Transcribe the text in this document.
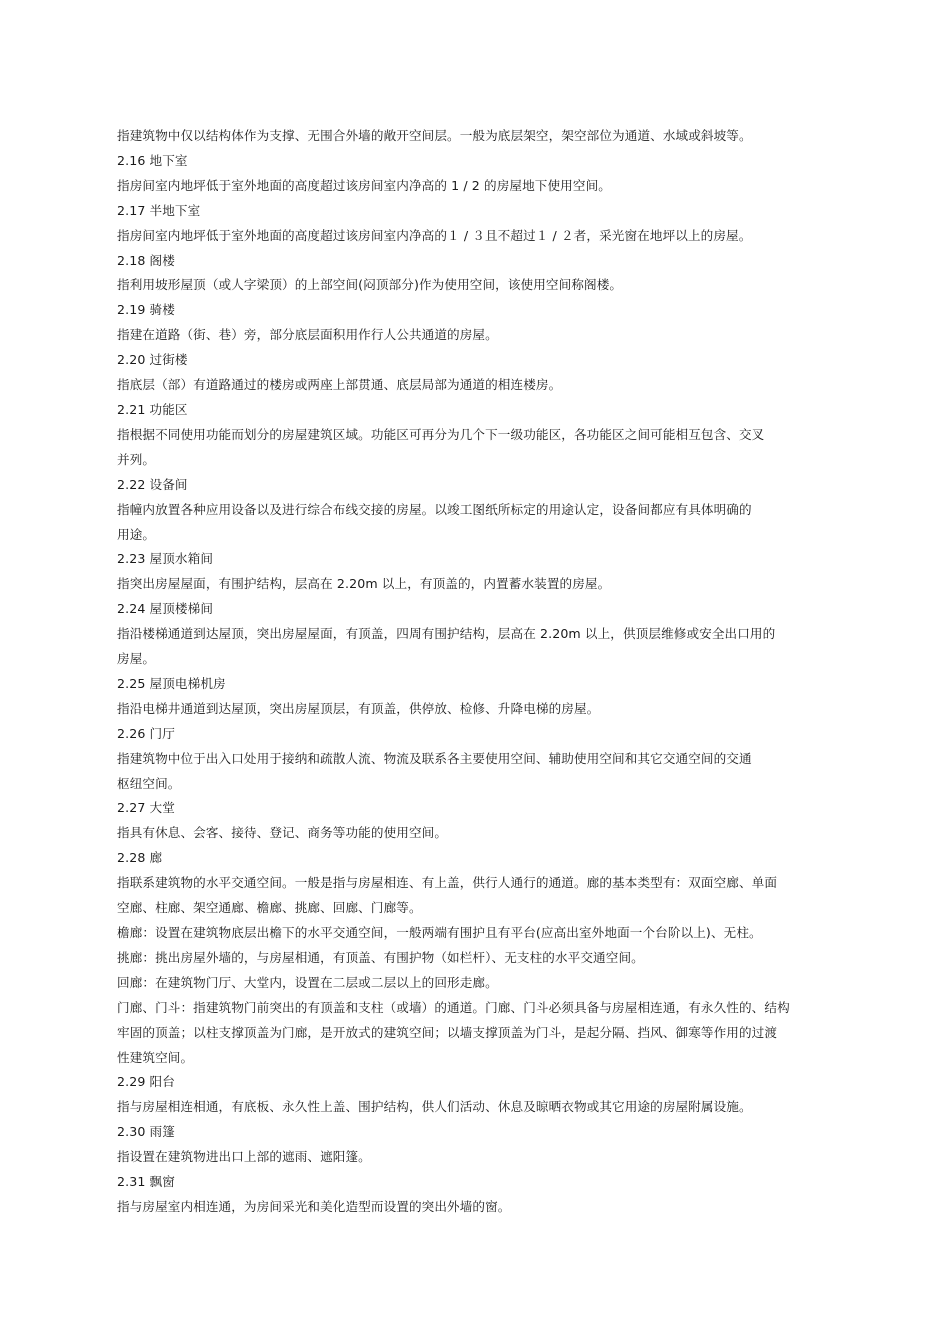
指建筑物中仅以结构体作为支撑、无围合外墙的敞开空间层。一般为底层架空，架空部位为通道、水域或斜坡等。
2.16 地下室
指房间室内地坪低于室外地面的高度超过该房间室内净高的 1 / 2 的房屋地下使用空间。
2.17 半地下室
指房间室内地坪低于室外地面的高度超过该房间室内净高的１ / ３且不超过１ / ２者，采光窗在地坪以上的房屋。
2.18 阁楼
指利用坡形屋顶（或人字梁顶）的上部空间(闷顶部分)作为使用空间，该使用空间称阁楼。
2.19 骑楼
指建在道路（街、巷）旁，部分底层面积用作行人公共通道的房屋。
2.20 过街楼
指底层（部）有道路通过的楼房或两座上部贯通、底层局部为通道的相连楼房。
2.21 功能区
指根据不同使用功能而划分的房屋建筑区域。功能区可再分为几个下一级功能区，各功能区之间可能相互包含、交叉
并列。
2.22 设备间
指幢内放置各种应用设备以及进行综合布线交接的房屋。以竣工图纸所标定的用途认定，设备间都应有具体明确的
用途。
2.23 屋顶水箱间
指突出房屋屋面，有围护结构，层高在 2.20m 以上，有顶盖的，内置蓄水装置的房屋。
2.24 屋顶楼梯间
指沿楼梯通道到达屋顶，突出房屋屋面，有顶盖，四周有围护结构，层高在 2.20m 以上，供顶层维修或安全出口用的
房屋。
2.25 屋顶电梯机房
指沿电梯井通道到达屋顶，突出房屋顶层，有顶盖，供停放、检修、升降电梯的房屋。
2.26 门厅
指建筑物中位于出入口处用于接纳和疏散人流、物流及联系各主要使用空间、辅助使用空间和其它交通空间的交通
枢纽空间。
2.27 大堂
指具有休息、会客、接待、登记、商务等功能的使用空间。
2.28 廊
指联系建筑物的水平交通空间。一般是指与房屋相连、有上盖，供行人通行的通道。廊的基本类型有：双面空廊、单面
空廊、柱廊、架空通廊、檐廊、挑廊、回廊、门廊等。
檐廊：设置在建筑物底层出檐下的水平交通空间，一般两端有围护且有平台(应高出室外地面一个台阶以上)、无柱。
挑廊：挑出房屋外墙的，与房屋相通，有顶盖、有围护物（如栏杆）、无支柱的水平交通空间。
回廊：在建筑物门厅、大堂内，设置在二层或二层以上的回形走廊。
门廊、门斗：指建筑物门前突出的有顶盖和支柱（或墙）的通道。门廊、门斗必须具备与房屋相连通，有永久性的、结构
牢固的顶盖；以柱支撑顶盖为门廊，是开放式的建筑空间；以墙支撑顶盖为门斗，是起分隔、挡风、御寒等作用的过渡
性建筑空间。
2.29 阳台
指与房屋相连相通，有底板、永久性上盖、围护结构，供人们活动、休息及晾晒衣物或其它用途的房屋附属设施。
2.30 雨篷
指设置在建筑物进出口上部的遮雨、遮阳篷。
2.31 飘窗
指与房屋室内相连通，为房间采光和美化造型而设置的突出外墙的窗。
